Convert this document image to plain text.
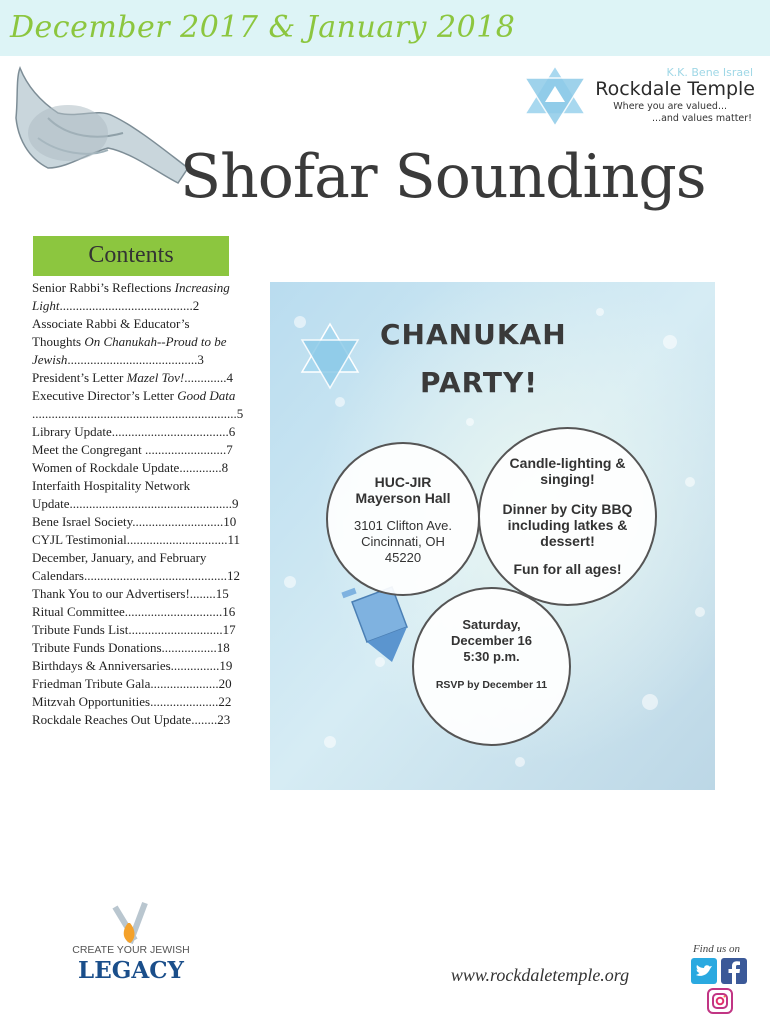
December 2017 & January 2018
K.K. Bene Israel
Rockdale Temple
Where you are valued...
...and values matter!
Shofar Soundings
Contents
Senior Rabbi’s Reflections Increasing
Light.........................................2
Associate Rabbi & Educator’s
Thoughts On Chanukah--Proud to be
Jewish........................................3
President’s Letter Mazel Tov!.............4
Executive Director’s Letter Good Data
...............................................................5
Library Update....................................6
Meet the Congregant .........................7
Women of Rockdale Update.............8
Interfaith Hospitality Network
Update..................................................9
Bene Israel Society............................10
CYJL Testimonial...............................11
December, January, and February
Calendars............................................12
Thank You to our Advertisers!........15
Ritual Committee..............................16
Tribute Funds List.............................17
Tribute Funds Donations.................18
Birthdays & Anniversaries...............19
Friedman Tribute Gala.....................20
Mitzvah Opportunities.....................22
Rockdale Reaches Out Update........23
CHANUKAH
PARTY!
HUC-JIR
Mayerson Hall
3101 Clifton Ave.
Cincinnati, OH
45220
Candle-lighting &
singing!
Dinner by City BBQ
including latkes &
dessert!
Fun for all ages!
Saturday,
December 16
5:30 p.m.
RSVP by December 11
CREATE YOUR JEWISH
LEGACY
Find us on
www.rockdaletemple.org
